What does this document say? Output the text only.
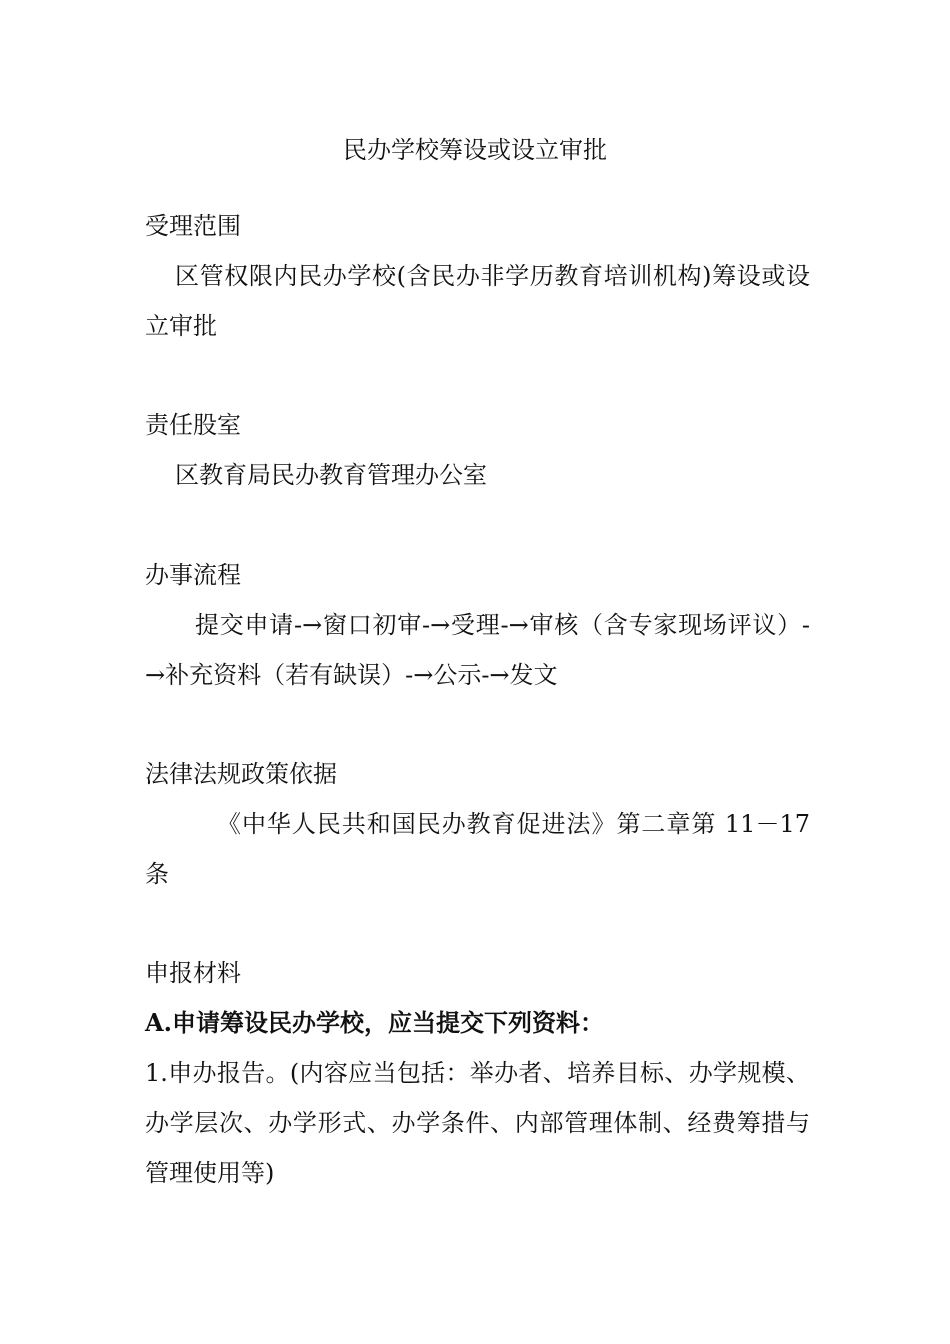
民办学校筹设或设立审批
受理范围

区管权限内民办学校(含民办非学历教育培训机构)筹设或设立审批

责任股室

区教育局民办教育管理办公室

办事流程

提交申请-→窗口初审-→受理-→审核（含专家现场评议）-→补充资料（若有缺误）-→公示-→发文

法律法规政策依据

《中华人民共和国民办教育促进法》第二章第 11－17 条

申报材料
A.申请筹设民办学校，应当提交下列资料：

1.申办报告。(内容应当包括：举办者、培养目标、办学规模、办学层次、办学形式、办学条件、内部管理体制、经费筹措与管理使用等)
